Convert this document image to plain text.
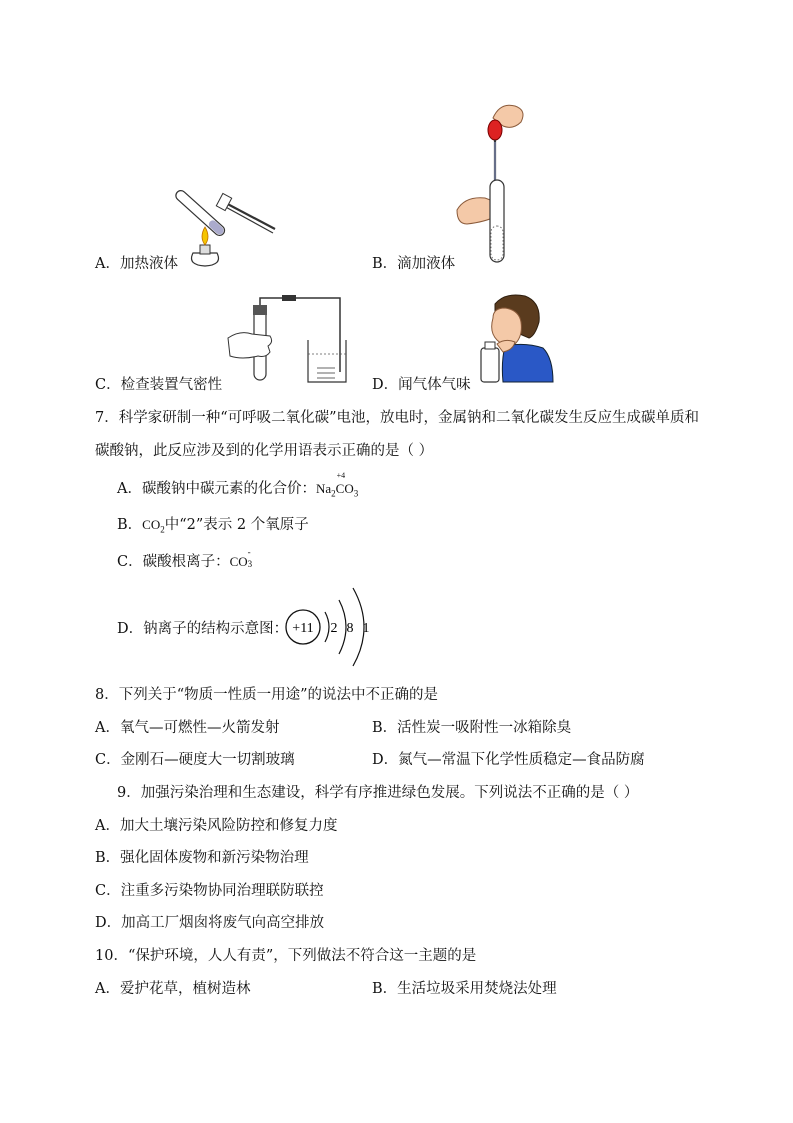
A．加热液体	B．滴加液体
C．检查装置气密性	D．闻气体气味
7．科学家研制一种“可呼吸二氧化碳”电池，放电时，金属钠和二氧化碳发生反应生成碳单质和
碳酸钠，此反应涉及到的化学用语表示正确的是（ ）
A．碳酸钠中碳元素的化合价：$Na_2$
+4
$CO_3$
B．$CO_2$中“2”表示 2 个氧原子
C．碳酸根离子：CO
-
3
D．钠离子的结构示意图： +11 2 8 1
8．下列关于“物质一性质一用途”的说法中不正确的是
A．氧气—可燃性—火箭发射	B．活性炭一吸附性一冰箱除臭
C．金刚石—硬度大一切割玻璃	D．氮气—常温下化学性质稳定—食品防腐
9．加强污染治理和生态建设，科学有序推进绿色发展。下列说法不正确的是（ ）
A．加大土壤污染风险防控和修复力度
B．强化固体废物和新污染物治理
C．注重多污染物协同治理联防联控
D．加高工厂烟囱将废气向高空排放
10．“保护环境，人人有责”，下列做法不符合这一主题的是
A．爱护花草，植树造林	B．生活垃圾采用焚烧法处理
